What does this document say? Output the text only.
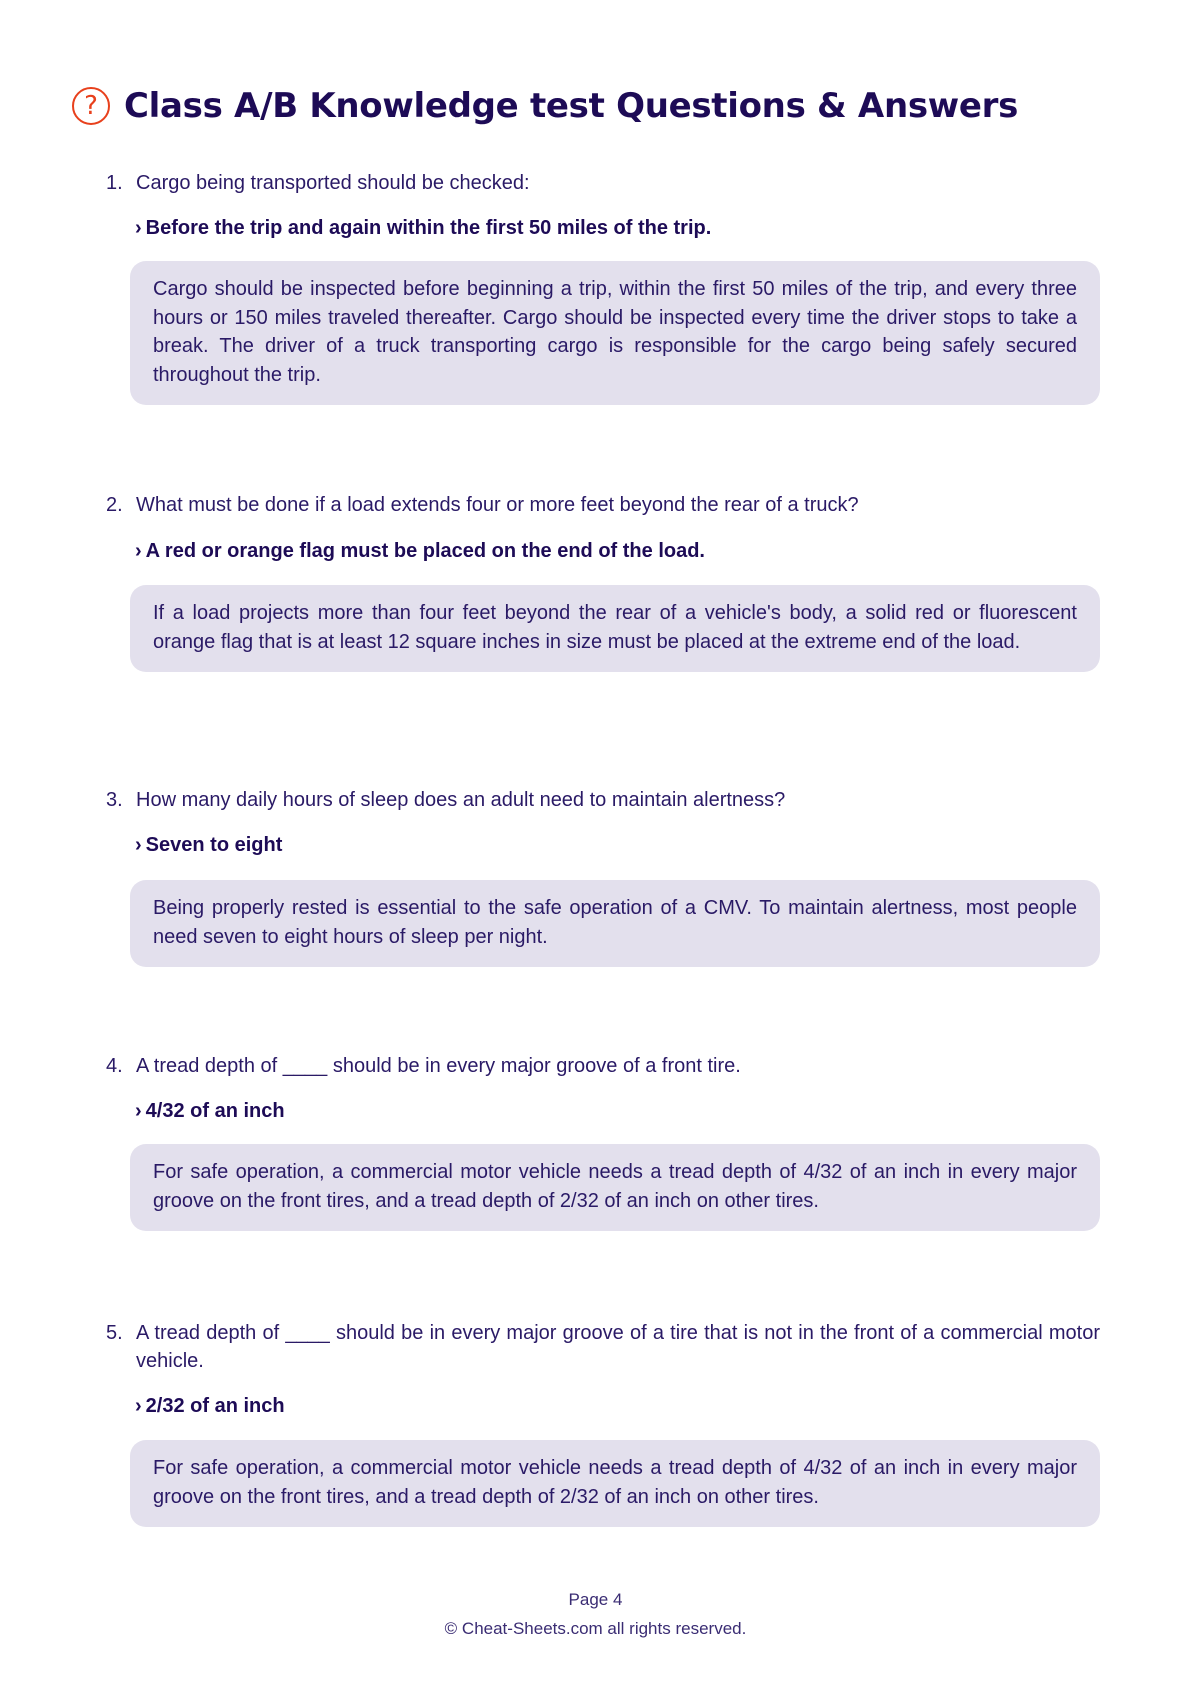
? Class A/B Knowledge test Questions & Answers
1. Cargo being transported should be checked:
› Before the trip and again within the first 50 miles of the trip.
Cargo should be inspected before beginning a trip, within the first 50 miles of the trip, and every three hours or 150 miles traveled thereafter. Cargo should be inspected every time the driver stops to take a break. The driver of a truck transporting cargo is responsible for the cargo being safely secured throughout the trip.
2. What must be done if a load extends four or more feet beyond the rear of a truck?
› A red or orange flag must be placed on the end of the load.
If a load projects more than four feet beyond the rear of a vehicle's body, a solid red or fluorescent orange flag that is at least 12 square inches in size must be placed at the extreme end of the load.
3. How many daily hours of sleep does an adult need to maintain alertness?
› Seven to eight
Being properly rested is essential to the safe operation of a CMV. To maintain alertness, most people need seven to eight hours of sleep per night.
4. A tread depth of ____ should be in every major groove of a front tire.
› 4/32 of an inch
For safe operation, a commercial motor vehicle needs a tread depth of 4/32 of an inch in every major groove on the front tires, and a tread depth of 2/32 of an inch on other tires.
5. A tread depth of ____ should be in every major groove of a tire that is not in the front of a commercial motor vehicle.
› 2/32 of an inch
For safe operation, a commercial motor vehicle needs a tread depth of 4/32 of an inch in every major groove on the front tires, and a tread depth of 2/32 of an inch on other tires.
Page 4
© Cheat-Sheets.com all rights reserved.
